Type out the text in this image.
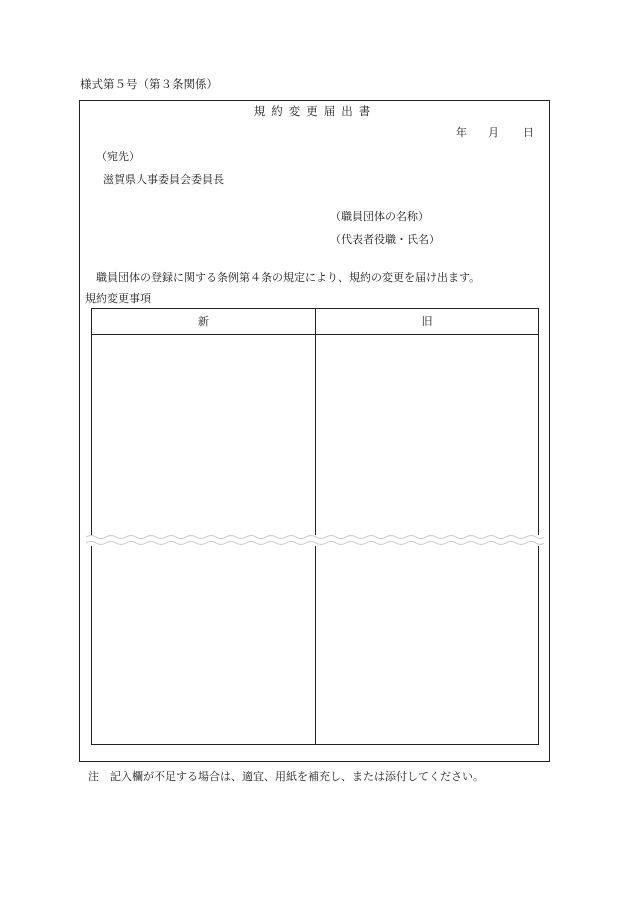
様式第５号（第３条関係）
規約変更届出書
年 月 日
（宛先）
滋賀県人事委員会委員長
（職員団体の名称）
（代表者役職・氏名）
職員団体の登録に関する条例第４条の規定により、規約の変更を届け出ます。
規約変更事項
新	旧
注　記入欄が不足する場合は、適宜、用紙を補充し、または添付してください。
